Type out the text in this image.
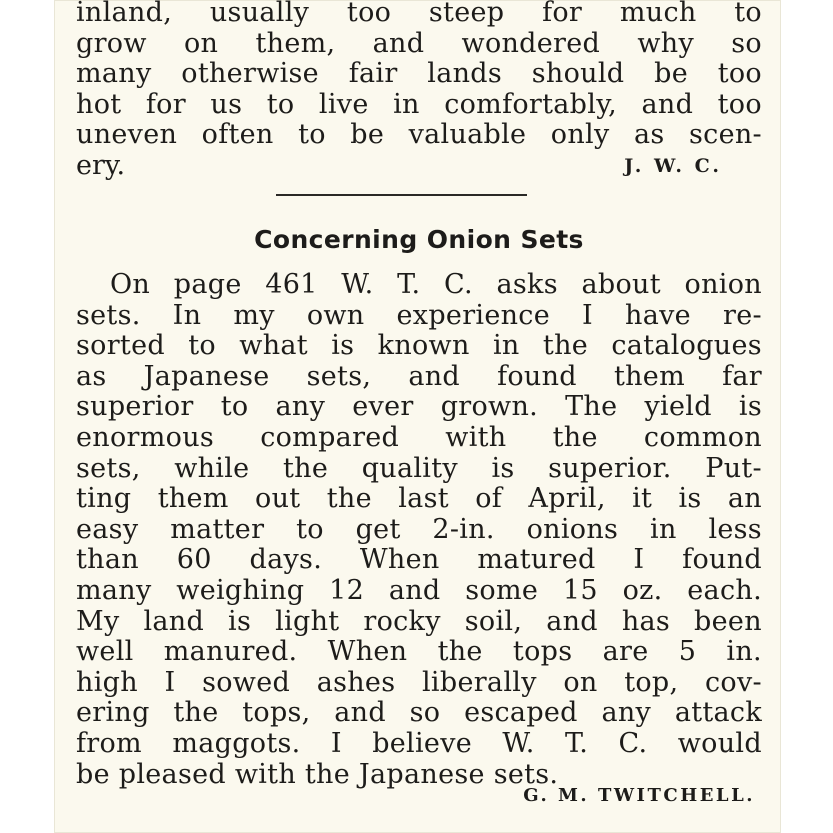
inland, usually too steep for much to
grow on them, and wondered why so
many otherwise fair lands should be too
hot for us to live in comfortably, and too
uneven often to be valuable only as scen-
ery.	J. W. C.
Concerning Onion Sets
On page 461 W. T. C. asks about onion
sets. In my own experience I have re-
sorted to what is known in the catalogues
as Japanese sets, and found them far
superior to any ever grown. The yield is
enormous compared with the common
sets, while the quality is superior. Put-
ting them out the last of April, it is an
easy matter to get 2-in. onions in less
than 60 days. When matured I found
many weighing 12 and some 15 oz. each.
My land is light rocky soil, and has been
well manured. When the tops are 5 in.
high I sowed ashes liberally on top, cov-
ering the tops, and so escaped any attack
from maggots. I believe W. T. C. would
be pleased with the Japanese sets.
G. M. TWITCHELL.
